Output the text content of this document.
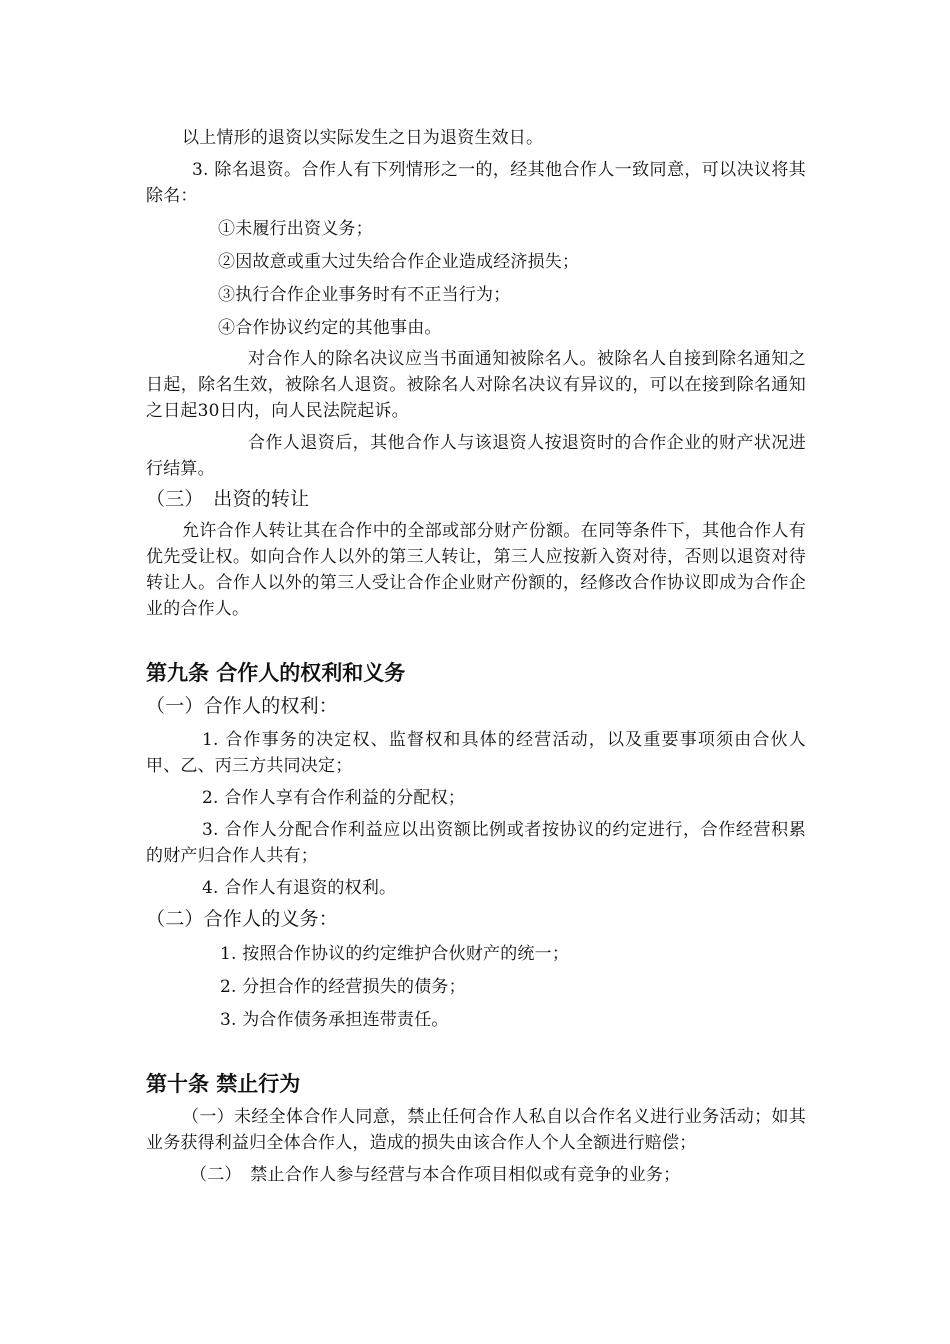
以上情形的退资以实际发生之日为退资生效日。

3. 除名退资。合作人有下列情形之一的，经其他合作人一致同意，可以决议将其除名：

①未履行出资义务；

②因故意或重大过失给合作企业造成经济损失；

③执行合作企业事务时有不正当行为；

④合作协议约定的其他事由。

对合作人的除名决议应当书面通知被除名人。被除名人自接到除名通知之日起，除名生效，被除名人退资。被除名人对除名决议有异议的，可以在接到除名通知之日起30日内，向人民法院起诉。

合作人退资后，其他合作人与该退资人按退资时的合作企业的财产状况进行结算。

（三）　出资的转让

允许合作人转让其在合作中的全部或部分财产份额。在同等条件下，其他合作人有优先受让权。如向合作人以外的第三人转让，第三人应按新入资对待，否则以退资对待转让人。合作人以外的第三人受让合作企业财产份额的，经修改合作协议即成为合作企业的合作人。

第九条 合作人的权利和义务

（一）合作人的权利：

1. 合作事务的决定权、监督权和具体的经营活动，以及重要事项须由合伙人甲、乙、丙三方共同决定；

2. 合作人享有合作利益的分配权；

3. 合作人分配合作利益应以出资额比例或者按协议的约定进行，合作经营积累的财产归合作人共有；

4. 合作人有退资的权利。

（二）合作人的义务：

1. 按照合作协议的约定维护合伙财产的统一；

2. 分担合作的经营损失的债务；

3. 为合作债务承担连带责任。

第十条 禁止行为

（一）未经全体合作人同意，禁止任何合作人私自以合作名义进行业务活动；如其业务获得利益归全体合作人，造成的损失由该合作人个人全额进行赔偿；

（二）　禁止合作人参与经营与本合作项目相似或有竞争的业务；
